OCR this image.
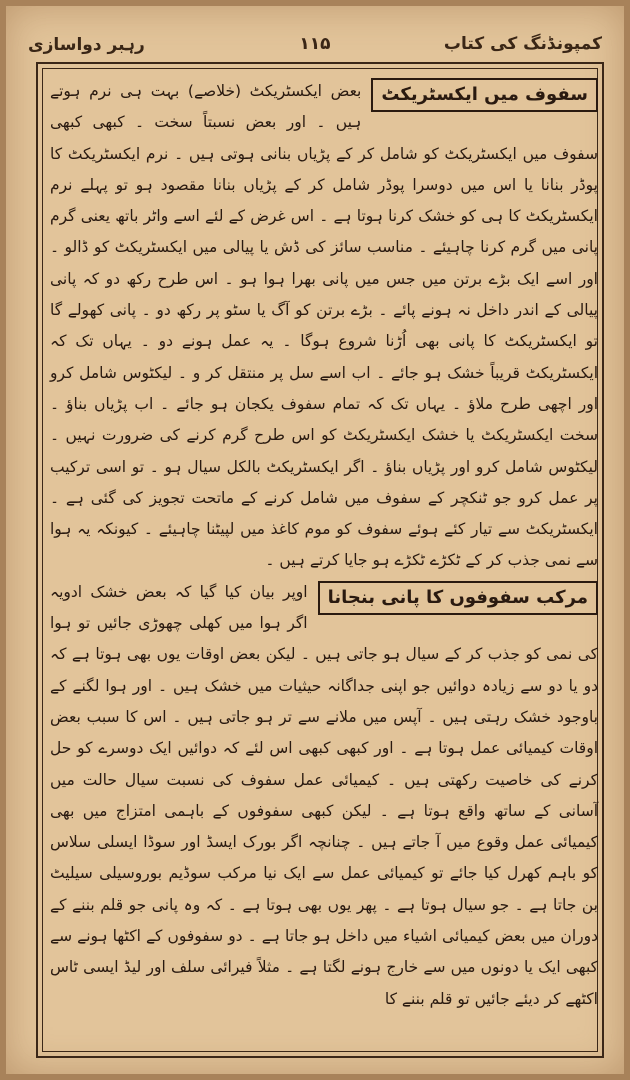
کمپونڈنگ کی کتاب
۱۱۵
رہبر دواسازی

سفوف میں ایکسٹریکٹ
بعض ایکسٹریکٹ (خلاصے) بہت ہی نرم ہوتے ہیں ۔ اور بعض نسبتاً سخت ۔ کبھی کبھی سفوف میں ایکسٹریکٹ کو شامل کر کے پڑیاں بنانی ہوتی ہیں ۔ نرم ایکسٹریکٹ کا پوڈر بنانا یا اس میں دوسرا پوڈر شامل کر کے پڑیاں بنانا مقصود ہو تو پہلے نرم ایکسٹریکٹ کا ہی کو خشک کرنا ہوتا ہے ۔ اس غرض کے لئے اسے واٹر باتھ یعنی گرم پانی میں گرم کرنا چاہیئے ۔ مناسب سائز کی ڈش یا پیالی میں ایکسٹریکٹ کو ڈالو ۔ اور اسے ایک بڑے برتن میں جس میں پانی بھرا ہوا ہو ۔ اس طرح رکھ دو کہ پانی پیالی کے اندر داخل نہ ہونے پائے ۔ بڑے برتن کو آگ یا سٹو پر رکھ دو ۔ پانی کھولے گا تو ایکسٹریکٹ کا پانی بھی اُڑنا شروع ہوگا ۔ یہ عمل ہونے دو ۔ یہاں تک کہ ایکسٹریکٹ قریباً خشک ہو جائے ۔ اب اسے سل پر منتقل کر و ۔ لیکٹوس شامل کرو اور اچھی طرح ملاؤ ۔ یہاں تک کہ تمام سفوف یکجان ہو جائے ۔ اب پڑیاں بناؤ ۔ سخت ایکسٹریکٹ یا خشک ایکسٹریکٹ کو اس طرح گرم کرنے کی ضرورت نہیں ۔ لیکٹوس شامل کرو اور پڑیاں بناؤ ۔ اگر ایکسٹریکٹ بالکل سیال ہو ۔ تو اسی ترکیب پر عمل کرو جو ٹنکچر کے سفوف میں شامل کرنے کے ماتحت تجویز کی گئی ہے ۔ ایکسٹریکٹ سے تیار کئے ہوئے سفوف کو موم کاغذ میں لپیٹنا چاہیئے ۔ کیونکہ یہ ہوا سے نمی جذب کر کے ٹکڑے ٹکڑے ہو جایا کرتے ہیں ۔

مرکب سفوفوں کا پانی بنجانا
اوپر بیان کیا گیا کہ بعض خشک ادویہ اگر ہوا میں کھلی چھوڑی جائیں تو ہوا کی نمی کو جذب کر کے سیال ہو جاتی ہیں ۔ لیکن بعض اوقات یوں بھی ہوتا ہے کہ دو یا دو سے زیادہ دوائیں جو اپنی جداگانہ حیثیات میں خشک ہیں ۔ اور ہوا لگنے کے باوجود خشک رہتی ہیں ۔ آپس میں ملانے سے تر ہو جاتی ہیں ۔ اس کا سبب بعض اوقات کیمیائی عمل ہوتا ہے ۔ اور کبھی کبھی اس لئے کہ دوائیں ایک دوسرے کو حل کرنے کی خاصیت رکھتی ہیں ۔ کیمیائی عمل سفوف کی نسبت سیال حالت میں آسانی کے ساتھ واقع ہوتا ہے ۔ لیکن کبھی سفوفوں کے باہمی امتزاج میں بھی کیمیائی عمل وقوع میں آ جاتے ہیں ۔ چنانچہ اگر بورک ایسڈ اور سوڈا ایسلی سلاس کو باہم کھرل کیا جائے تو کیمیائی عمل سے ایک نیا مرکب سوڈیم بوروسیلی سیلیٹ بن جاتا ہے ۔ جو سیال ہوتا ہے ۔ پھر یوں بھی ہوتا ہے ۔ کہ وہ پانی جو قلم بننے کے دوران میں بعض کیمیائی اشیاء میں داخل ہو جاتا ہے ۔ دو سفوفوں کے اکٹھا ہونے سے کبھی ایک یا دونوں میں سے خارج ہونے لگتا ہے ۔ مثلاً فیرائی سلف اور لیڈ ایسی ٹاس اکٹھے کر دیئے جائیں تو قلم بننے کا
